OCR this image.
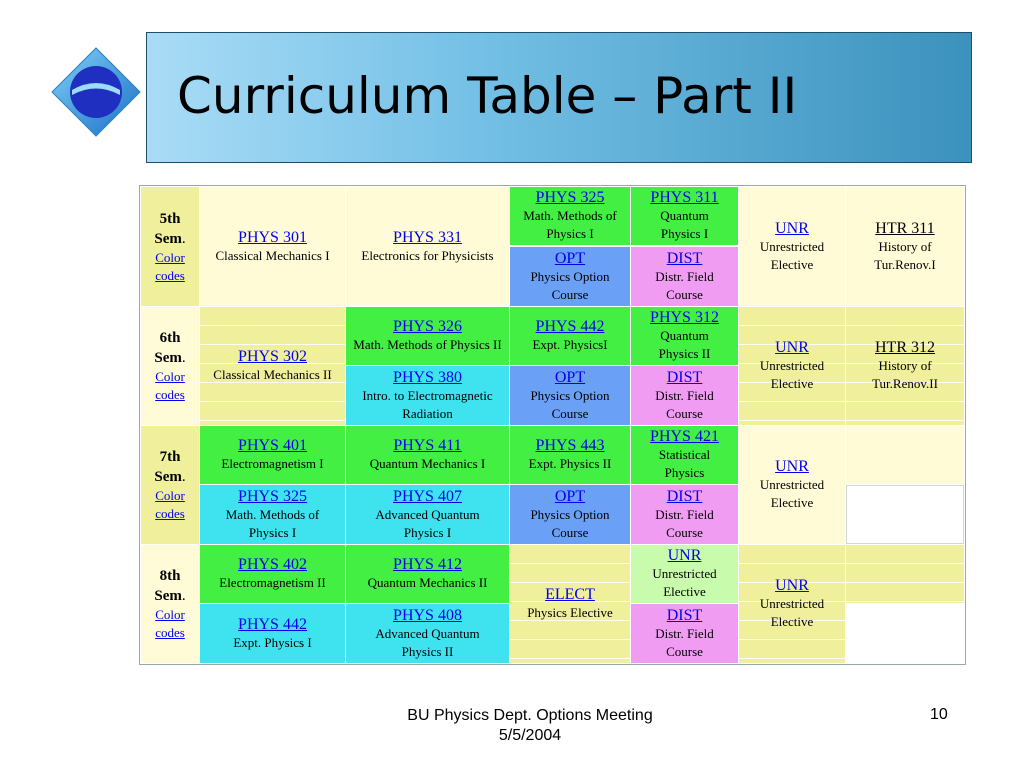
Curriculum Table – Part II
5th
Sem.
Color codes
PHYS 301
Classical Mechanics I
PHYS 331
Electronics for Physicists
PHYS 325
Math. Methods of Physics I
PHYS 311
Quantum Physics I
OPT
Physics Option Course
DIST
Distr. Field Course
UNR
Unrestricted Elective
HTR 311
History of Tur.Renov.I
6th
Sem.
Color codes
PHYS 302
Classical Mechanics II
PHYS 326
Math. Methods of Physics II
PHYS 442
Expt. PhysicsI
PHYS 312
Quantum Physics II
PHYS 380
Intro. to Electromagnetic Radiation
OPT
Physics Option Course
DIST
Distr. Field Course
UNR
Unrestricted Elective
HTR 312
History of Tur.Renov.II
7th
Sem.
Color codes
PHYS 401
Electromagnetism I
PHYS 411
Quantum Mechanics I
PHYS 443
Expt. Physics II
PHYS 421
Statistical Physics
PHYS 325
Math. Methods of Physics I
PHYS 407
Advanced Quantum Physics I
OPT
Physics Option Course
DIST
Distr. Field Course
UNR
Unrestricted Elective
8th
Sem.
Color codes
PHYS 402
Electromagnetism II
PHYS 412
Quantum Mechanics II
ELECT
Physics Elective
UNR
Unrestricted Elective
PHYS 442
Expt. Physics I
PHYS 408
Advanced Quantum Physics II
DIST
Distr. Field Course
UNR
Unrestricted Elective
BU Physics Dept. Options Meeting
5/5/2004
10
